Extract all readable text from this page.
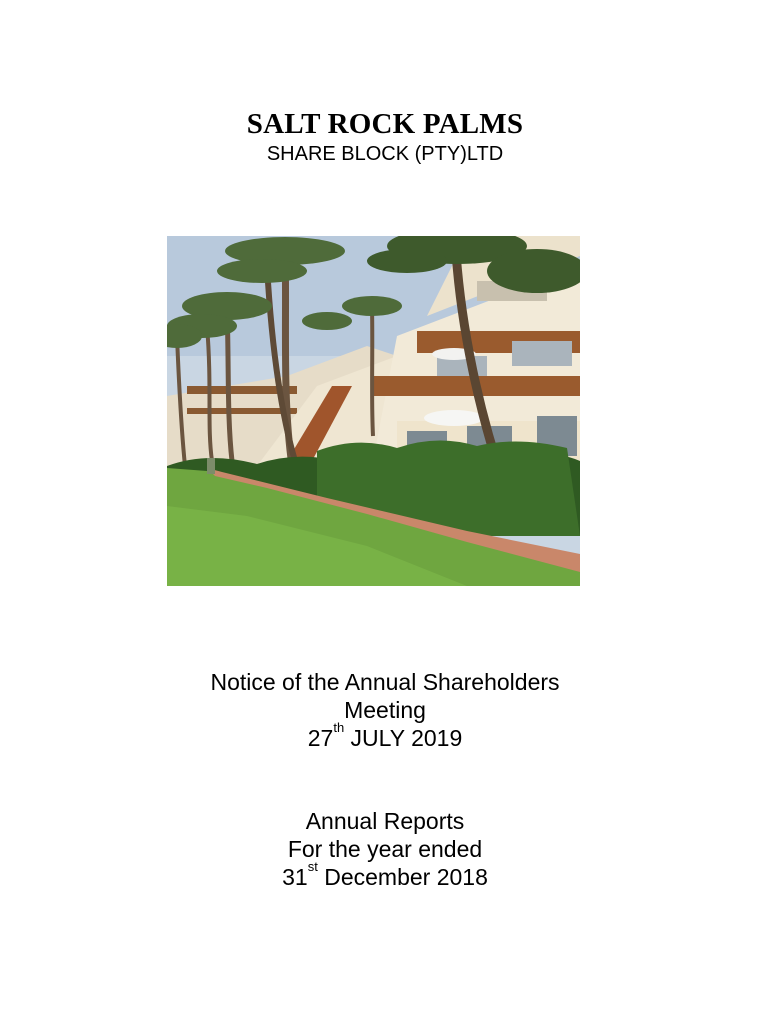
SALT ROCK PALMS
SHARE BLOCK (PTY)LTD
Notice of the Annual Shareholders
Meeting
27th JULY 2019
Annual Reports
For the year ended
31st December 2018
